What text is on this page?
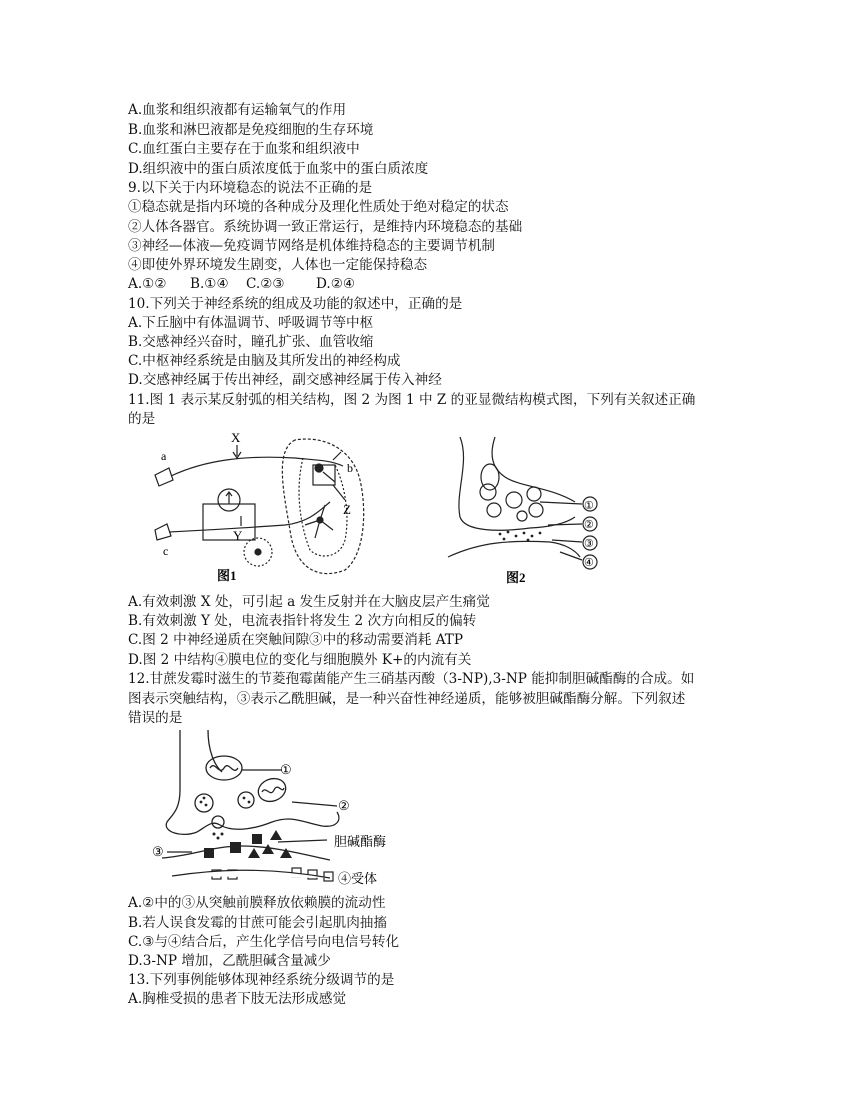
A.血浆和组织液都有运输氧气的作用
B.血浆和淋巴液都是免疫细胞的生存环境
C.血红蛋白主要存在于血浆和组织液中
D.组织液中的蛋白质浓度低于血浆中的蛋白质浓度
9.以下关于内环境稳态的说法不正确的是
①稳态就是指内环境的各种成分及理化性质处于绝对稳定的状态
②人体各器官。系统协调一致正常运行，是维持内环境稳态的基础
③神经—体液—免疫调节网络是机体维持稳态的主要调节机制
④即使外界环境发生剧变，人体也一定能保持稳态
A.①② B.①④ C.②③ D.②④
10.下列关于神经系统的组成及功能的叙述中，正确的是
A.下丘脑中有体温调节、呼吸调节等中枢
B.交感神经兴奋时，瞳孔扩张、血管收缩
C.中枢神经系统是由脑及其所发出的神经构成
D.交感神经属于传出神经，副交感神经属于传入神经
11.图 1 表示某反射弧的相关结构，图 2 为图 1 中 Z 的亚显微结构模式图，下列有关叙述正确
的是
X
a
b
Z
Y
c
图1
①
②
③
④
图2
A.有效刺激 X 处，可引起 a 发生反射并在大脑皮层产生痛觉
B.有效刺激 Y 处，电流表指针将发生 2 次方向相反的偏转
C.图 2 中神经递质在突触间隙③中的移动需要消耗 ATP
D.图 2 中结构④膜电位的变化与细胞膜外 K+的内流有关
12.甘蔗发霉时滋生的节菱孢霉菌能产生三硝基丙酸（3-NP),3-NP 能抑制胆碱酯酶的合成。如
图表示突触结构，③表示乙酰胆碱，是一种兴奋性神经递质，能够被胆碱酯酶分解。下列叙述
错误的是
①
②
③
胆碱酯酶
④受体
A.②中的③从突触前膜释放依赖膜的流动性
B.若人误食发霉的甘蔗可能会引起肌肉抽搐
C.③与④结合后，产生化学信号向电信号转化
D.3-NP 增加，乙酰胆碱含量减少
13.下列事例能够体现神经系统分级调节的是
A.胸椎受损的患者下肢无法形成感觉
